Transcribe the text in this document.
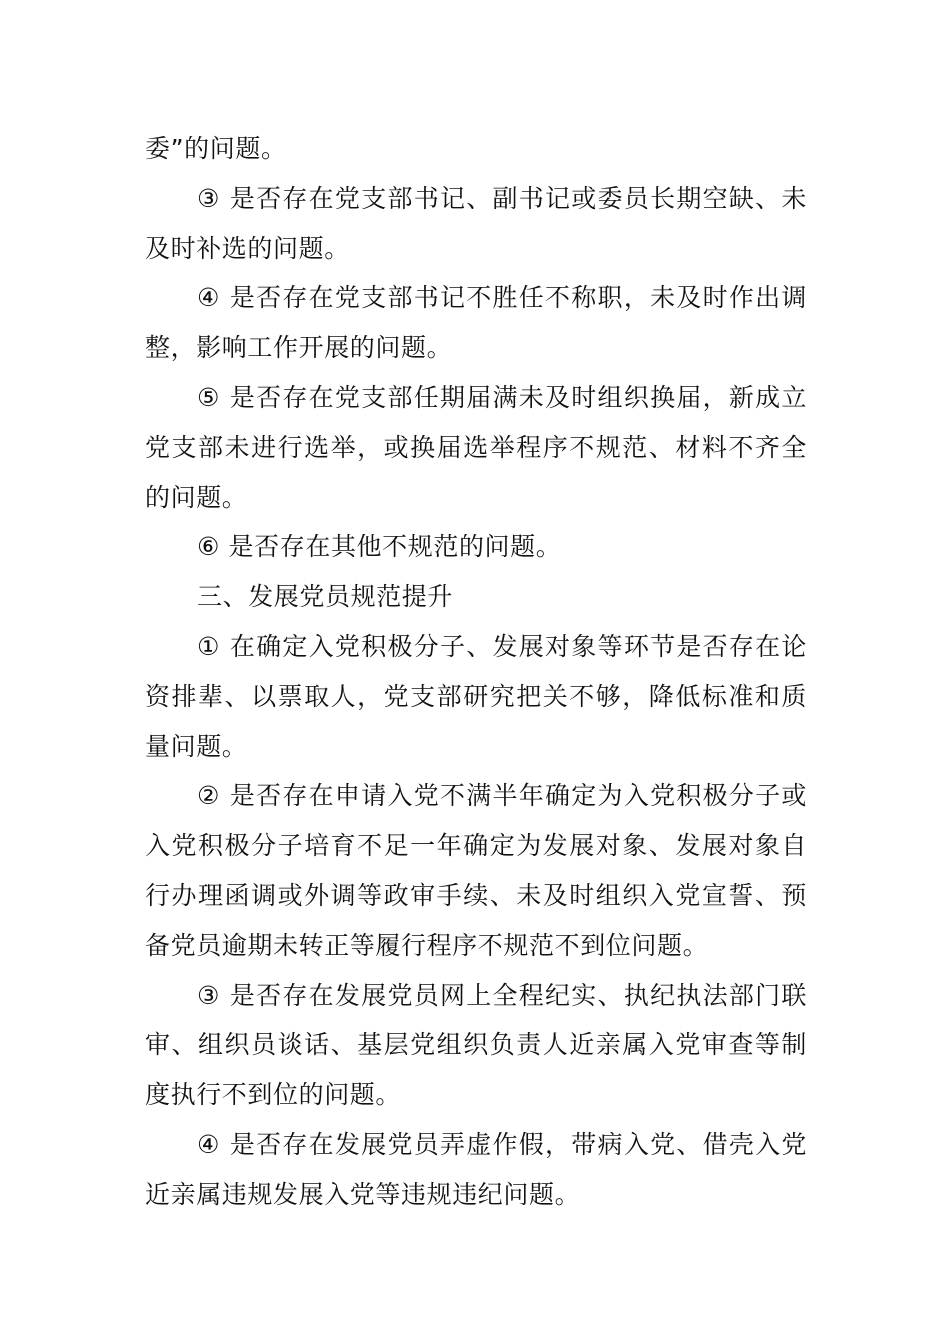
委”的问题。

③ 是否存在党支部书记、副书记或委员长期空缺、未及时补选的问题。

④ 是否存在党支部书记不胜任不称职，未及时作出调整，影响工作开展的问题。

⑤ 是否存在党支部任期届满未及时组织换届，新成立党支部未进行选举，或换届选举程序不规范、材料不齐全的问题。

⑥ 是否存在其他不规范的问题。

三、发展党员规范提升

① 在确定入党积极分子、发展对象等环节是否存在论资排辈、以票取人，党支部研究把关不够，降低标准和质量问题。

② 是否存在申请入党不满半年确定为入党积极分子或入党积极分子培育不足一年确定为发展对象、发展对象自行办理函调或外调等政审手续、未及时组织入党宣誓、预备党员逾期未转正等履行程序不规范不到位问题。

③ 是否存在发展党员网上全程纪实、执纪执法部门联审、组织员谈话、基层党组织负责人近亲属入党审查等制度执行不到位的问题。

④ 是否存在发展党员弄虚作假，带病入党、借壳入党近亲属违规发展入党等违规违纪问题。
